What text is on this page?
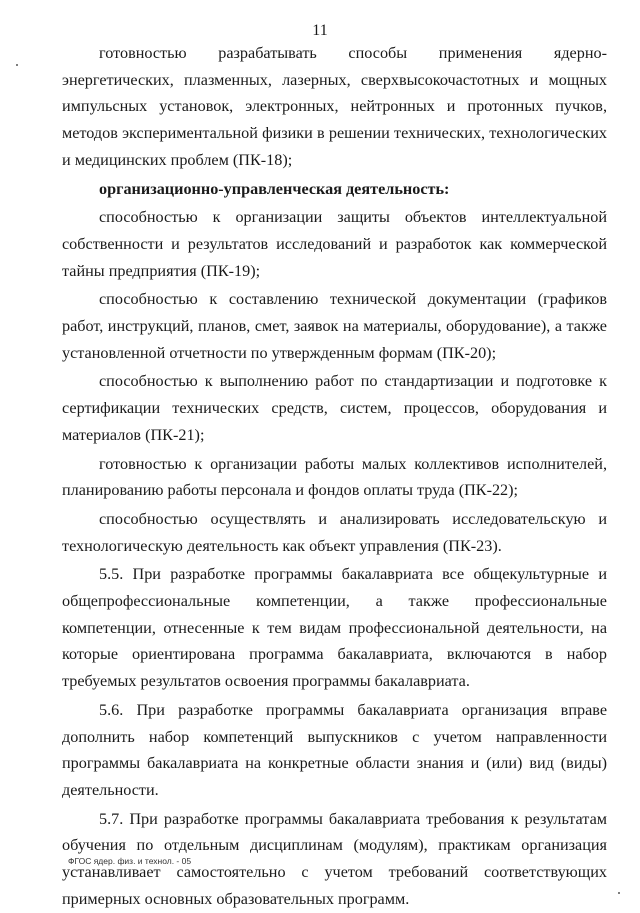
11

готовностью разрабатывать способы применения ядерно-энергетических, плазменных, лазерных, сверхвысокочастотных и мощных импульсных установок, электронных, нейтронных и протонных пучков, методов экспериментальной физики в решении технических, технологических и медицинских проблем (ПК-18);

организационно-управленческая деятельность:

способностью к организации защиты объектов интеллектуальной собственности и результатов исследований и разработок как коммерческой тайны предприятия (ПК-19);

способностью к составлению технической документации (графиков работ, инструкций, планов, смет, заявок на материалы, оборудование), а также установленной отчетности по утвержденным формам (ПК-20);

способностью к выполнению работ по стандартизации и подготовке к сертификации технических средств, систем, процессов, оборудования и материалов (ПК-21);

готовностью к организации работы малых коллективов исполнителей, планированию работы персонала и фондов оплаты труда (ПК-22);

способностью осуществлять и анализировать исследовательскую и технологическую деятельность как объект управления (ПК-23).

5.5. При разработке программы бакалавриата все общекультурные и общепрофессиональные компетенции, а также профессиональные компетенции, отнесенные к тем видам профессиональной деятельности, на которые ориентирована программа бакалавриата, включаются в набор требуемых результатов освоения программы бакалавриата.

5.6. При разработке программы бакалавриата организация вправе дополнить набор компетенций выпускников с учетом направленности программы бакалавриата на конкретные области знания и (или) вид (виды) деятельности.

5.7. При разработке программы бакалавриата требования к результатам обучения по отдельным дисциплинам (модулям), практикам организация устанавливает самостоятельно с учетом требований соответствующих примерных основных образовательных программ.

ФГОС ядер. физ. и технол. - 05
